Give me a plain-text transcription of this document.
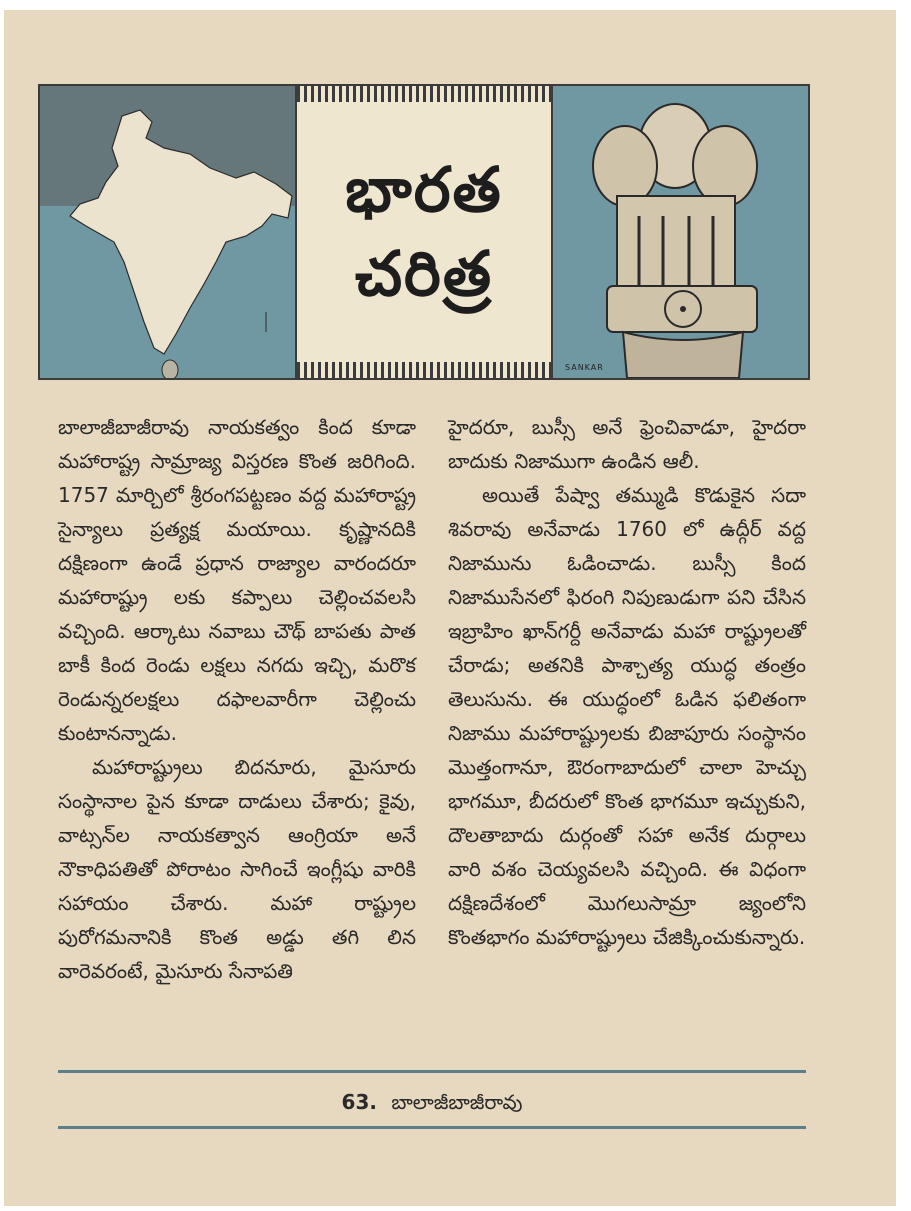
భారత
చరిత్ర
SANKAR

బాలాజీబాజీరావు నాయకత్వం కింద కూడా మహారాష్ట్ర సామ్రాజ్య విస్తరణ కొంత జరిగింది. 1757 మార్చిలో శ్రీరంగపట్టణం వద్ద మహారాష్ట్ర సైన్యాలు ప్రత్యక్ష మయాయి. కృష్ణానదికి దక్షిణంగా ఉండే ప్రధాన రాజ్యాల వారందరూ మహారాష్ట్రు లకు కప్పాలు చెల్లించవలసి వచ్చింది. ఆర్కాటు నవాబు చౌథ్ బాపతు పాత బాకీ కింద రెండు లక్షలు నగదు ఇచ్చి, మరొక రెండున్నరలక్షలు దఫాలవారీగా చెల్లించు కుంటానన్నాడు.

మహారాష్ట్రులు బిదనూరు, మైసూరు సంస్థానాల పైన కూడా దాడులు చేశారు; కైవు, వాట్సన్‌ల నాయకత్వాన ఆంగ్రియా అనే నౌకాధిపతితో పోరాటం సాగించే ఇంగ్లీషు వారికి సహాయం చేశారు. మహా రాష్ట్రుల పురోగమనానికి కొంత అడ్డు తగి లిన వారెవరంటే, మైసూరు సేనాపతి

హైదరూ, బుస్సీ అనే ఫ్రెంచివాడూ, హైదరా బాదుకు నిజాముగా ఉండిన ఆలీ.

అయితే పేష్వా తమ్ముడి కొడుకైన సదా శివరావు అనేవాడు 1760 లో ఉద్గీర్ వద్ద నిజామును ఓడించాడు. బుస్సీ కింద నిజాముసేనలో ఫిరంగి నిపుణుడుగా పని చేసిన ఇబ్రాహిం ఖాన్‌గర్దీ అనేవాడు మహా రాష్ట్రులతో చేరాడు; అతనికి పాశ్చాత్య యుద్ధ తంత్రం తెలుసును. ఈ యుద్ధంలో ఓడిన ఫలితంగా నిజాము మహారాష్ట్రులకు బిజాపూరు సంస్థానం మొత్తంగానూ, ఔరంగాబాదులో చాలా హెచ్చు భాగమూ, బీదరులో కొంత భాగమూ ఇచ్చుకుని, దౌలతాబాదు దుర్గంతో సహా అనేక దుర్గాలు వారి వశం చెయ్యవలసి వచ్చింది. ఈ విధంగా దక్షిణదేశంలో మొగలుసామ్రా జ్యంలోని కొంతభాగం మహారాష్ట్రులు చేజిక్కించుకున్నారు.

63. బాలాజీబాజీరావు
